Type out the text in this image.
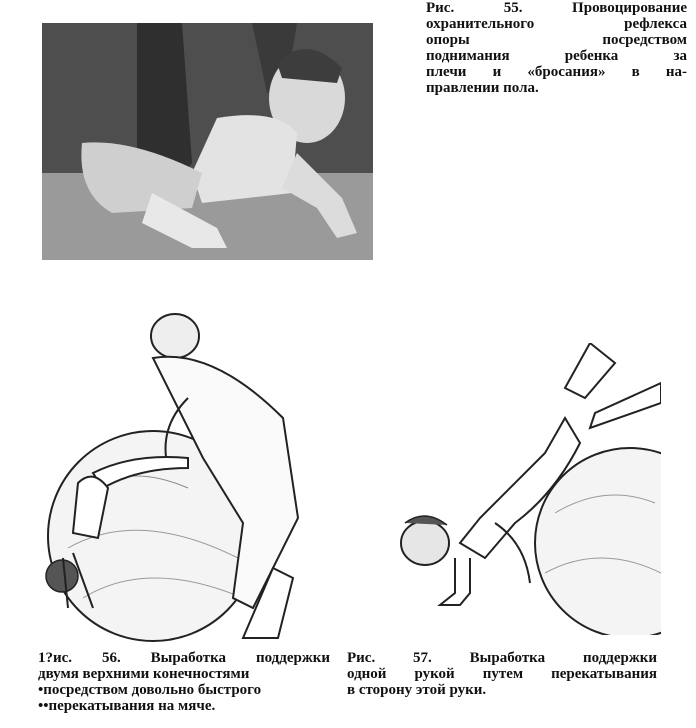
Рис. 55. Провоцирование
охранительного рефлекса
опоры посредством
поднимания ребенка за
плечи и «бросания» в на-
правлении пола.
1?ис. 56. Выработка поддержки
двумя верхними конечностями
•посредством довольно быстрого
••перекатывания на мяче.
Рис. 57. Выработка поддержки
одной рукой путем перекатывания
в сторону этой руки.
